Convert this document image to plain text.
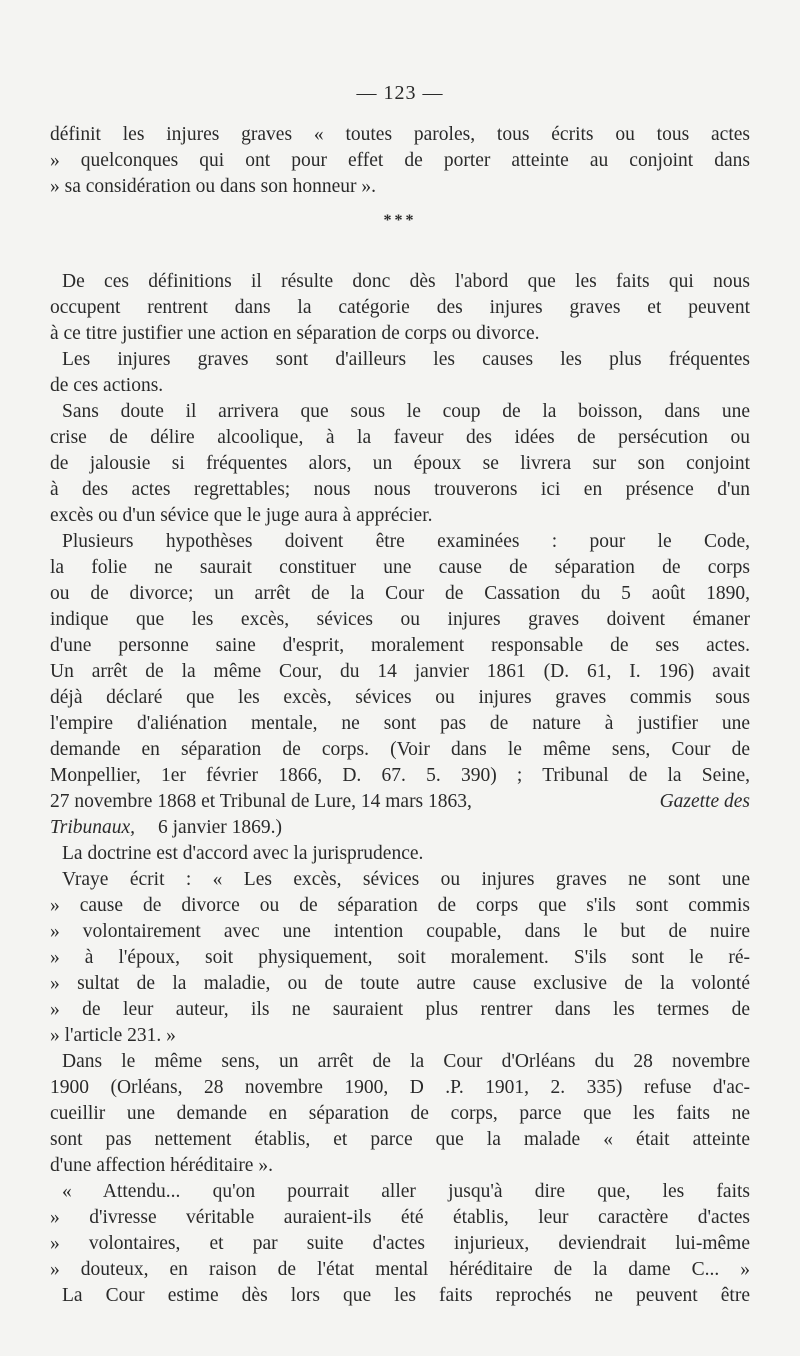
— 123 —
définit les injures graves « toutes paroles, tous écrits ou tous actes
» quelconques qui ont pour effet de porter atteinte au conjoint dans
» sa considération ou dans son honneur ».
***
De ces définitions il résulte donc dès l'abord que les faits qui nous
occupent rentrent dans la catégorie des injures graves et peuvent
à ce titre justifier une action en séparation de corps ou divorce.
Les injures graves sont d'ailleurs les causes les plus fréquentes
de ces actions.
Sans doute il arrivera que sous le coup de la boisson, dans une
crise de délire alcoolique, à la faveur des idées de persécution ou
de jalousie si fréquentes alors, un époux se livrera sur son conjoint
à des actes regrettables; nous nous trouverons ici en présence d'un
excès ou d'un sévice que le juge aura à apprécier.
Plusieurs hypothèses doivent être examinées : pour le Code,
la folie ne saurait constituer une cause de séparation de corps
ou de divorce; un arrêt de la Cour de Cassation du 5 août 1890,
indique que les excès, sévices ou injures graves doivent émaner
d'une personne saine d'esprit, moralement responsable de ses actes.
Un arrêt de la même Cour, du 14 janvier 1861 (D. 61, I. 196) avait
déjà déclaré que les excès, sévices ou injures graves commis sous
l'empire d'aliénation mentale, ne sont pas de nature à justifier une
demande en séparation de corps. (Voir dans le même sens, Cour de
Monpellier, 1er février 1866, D. 67. 5. 390) ; Tribunal de la Seine,
27 novembre 1868 et Tribunal de Lure, 14 mars 1863,	Gazette des
Tribunaux,	6 janvier 1869.)
La doctrine est d'accord avec la jurisprudence.
Vraye écrit : « Les excès, sévices ou injures graves ne sont une
» cause de divorce ou de séparation de corps que s'ils sont commis
» volontairement avec une intention coupable, dans le but de nuire
» à l'époux, soit physiquement, soit moralement. S'ils sont le ré-
» sultat de la maladie, ou de toute autre cause exclusive de la volonté
» de leur auteur, ils ne sauraient plus rentrer dans les termes de
» l'article 231. »
Dans le même sens, un arrêt de la Cour d'Orléans du 28 novembre
1900 (Orléans, 28 novembre 1900, D .P. 1901, 2. 335) refuse d'ac-
cueillir une demande en séparation de corps, parce que les faits ne
sont pas nettement établis, et parce que la malade « était atteinte
d'une affection héréditaire ».
« Attendu... qu'on pourrait aller jusqu'à dire que, les faits
» d'ivresse véritable auraient-ils été établis, leur caractère d'actes
» volontaires, et par suite d'actes injurieux, deviendrait lui-même
» douteux, en raison de l'état mental héréditaire de la dame C... »
La Cour estime dès lors que les faits reprochés ne peuvent être
